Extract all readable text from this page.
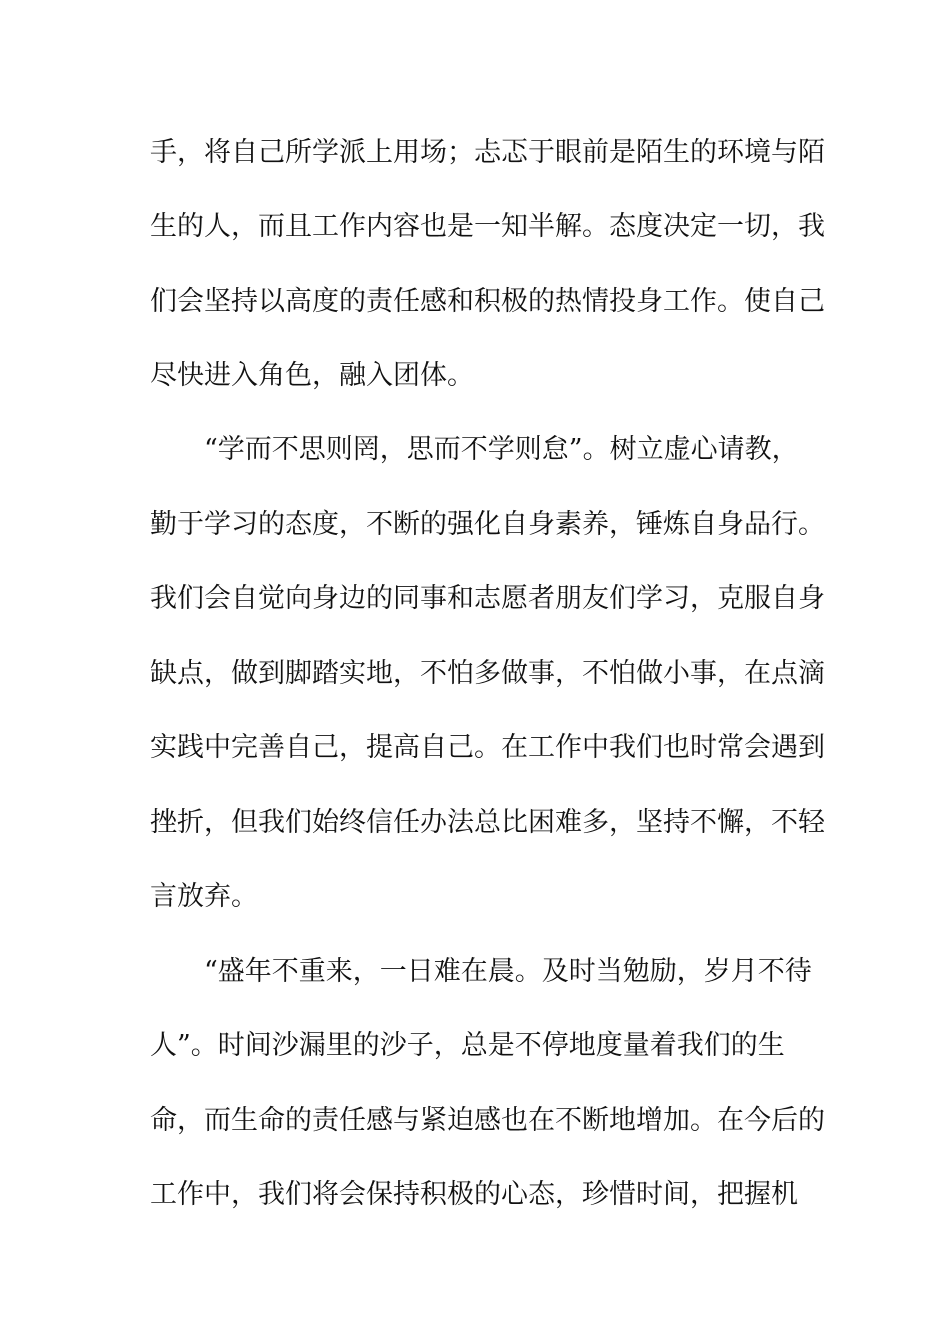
手，将自己所学派上用场；忐忑于眼前是陌生的环境与陌
生的人，而且工作内容也是一知半解。态度决定一切，我
们会坚持以高度的责任感和积极的热情投身工作。使自己
尽快进入角色，融入团体。
“学而不思则罔，思而不学则怠”。树立虚心请教，
勤于学习的态度，不断的强化自身素养，锤炼自身品行。
我们会自觉向身边的同事和志愿者朋友们学习，克服自身
缺点，做到脚踏实地，不怕多做事，不怕做小事，在点滴
实践中完善自己，提高自己。在工作中我们也时常会遇到
挫折，但我们始终信任办法总比困难多，坚持不懈，不轻
言放弃。
“盛年不重来，一日难在晨。及时当勉励，岁月不待
人”。时间沙漏里的沙子，总是不停地度量着我们的生
命，而生命的责任感与紧迫感也在不断地增加。在今后的
工作中，我们将会保持积极的心态，珍惜时间，把握机
